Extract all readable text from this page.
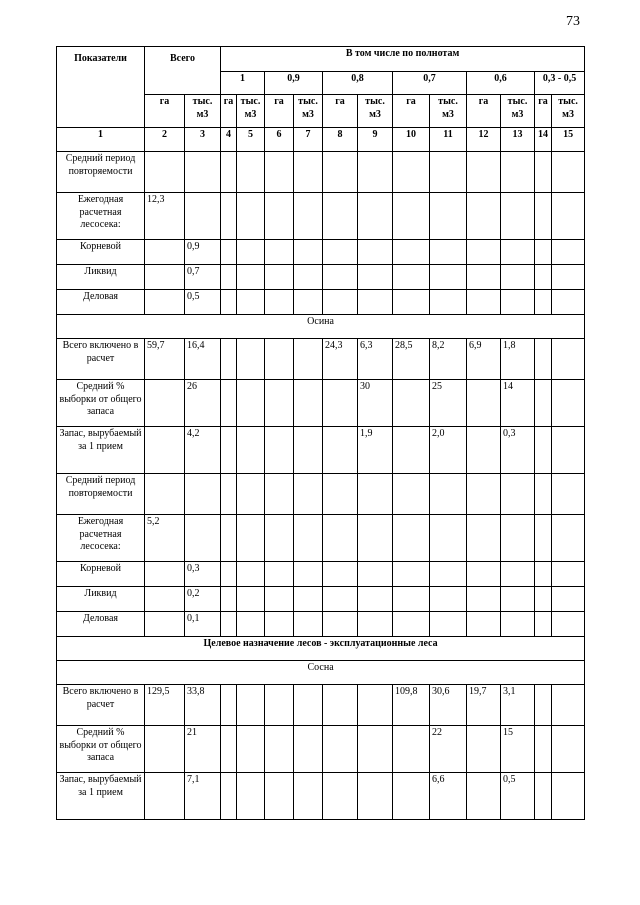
73
Показатели	Всего		В том числе по полнотам											
			1		0,9		0,8		0,7		0,6		0,3 - 0,5	
	га	тыс. м3	га	тыс. м3	га	тыс. м3	га	тыс. м3	га	тыс. м3	га	тыс. м3	га	тыс. м3
1	2	3	4	5	6	7	8	9	10	11	12	13	14	15
Средний период повторяемости														
Ежегодная расчетная лесосека:	12,3													
Корневой		0,9												
Ликвид		0,7												
Деловая		0,5												
Осина														
Всего включено в расчет	59,7	16,4					24,3	6,3	28,5	8,2	6,9	1,8		
Средний % выборки от общего запаса		26						30		25		14		
Запас, вырубаемый за 1 прием		4,2						1,9		2,0		0,3		
Средний период повторяемости														
Ежегодная расчетная лесосека:	5,2													
Корневой		0,3												
Ликвид		0,2												
Деловая		0,1												
Целевое назначение лесов - эксплуатационные леса														
Сосна														
Всего включено в расчет	129,5	33,8							109,8	30,6	19,7	3,1		
Средний % выборки от общего запаса		21								22		15		
Запас, вырубаемый за 1 прием		7,1								6,6		0,5		
